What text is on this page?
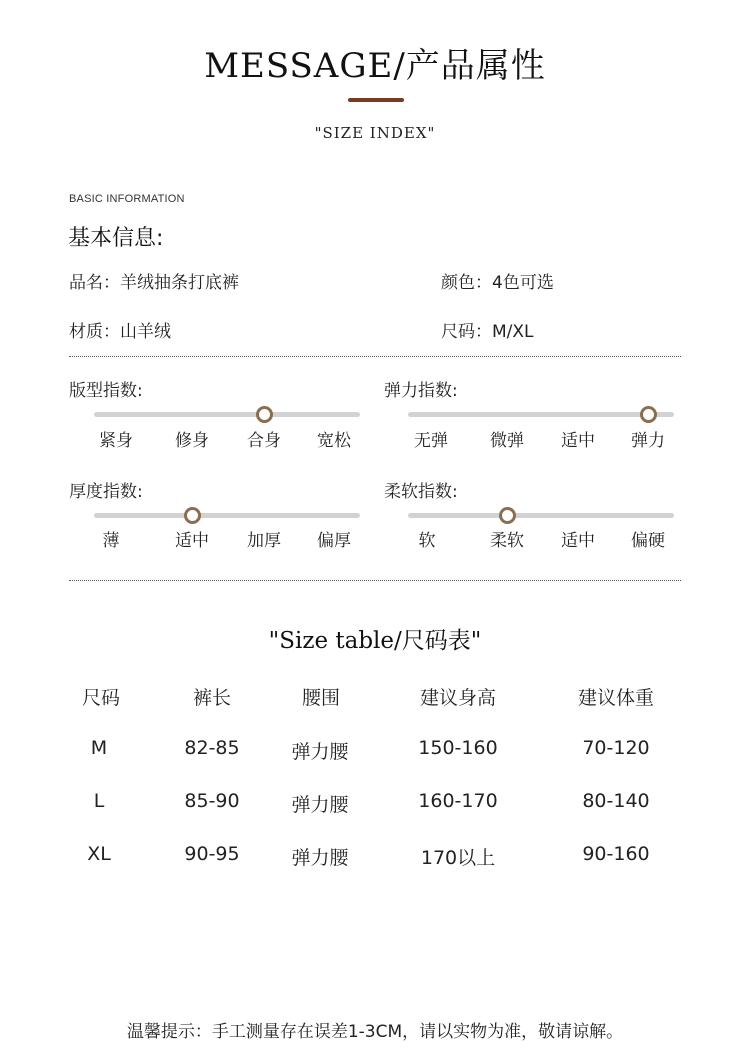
MESSAGE/产品属性
"SIZE INDEX"
BASIC INFORMATION
基本信息:
品名：羊绒抽条打底裤	颜色：4色可选
材质：山羊绒	尺码：M/XL
版型指数:
紧身	修身	合身	宽松
弹力指数:
无弹	微弹	适中	弹力
厚度指数:
薄	适中	加厚	偏厚
柔软指数:
软	柔软	适中	偏硬
"Size table/尺码表"
尺码	裤长	腰围	建议身高	建议体重
M	82-85	弹力腰	150-160	70-120
L	85-90	弹力腰	160-170	80-140
XL	90-95	弹力腰	170以上	90-160
温馨提示：手工测量存在误差1-3CM，请以实物为准，敬请谅解。
